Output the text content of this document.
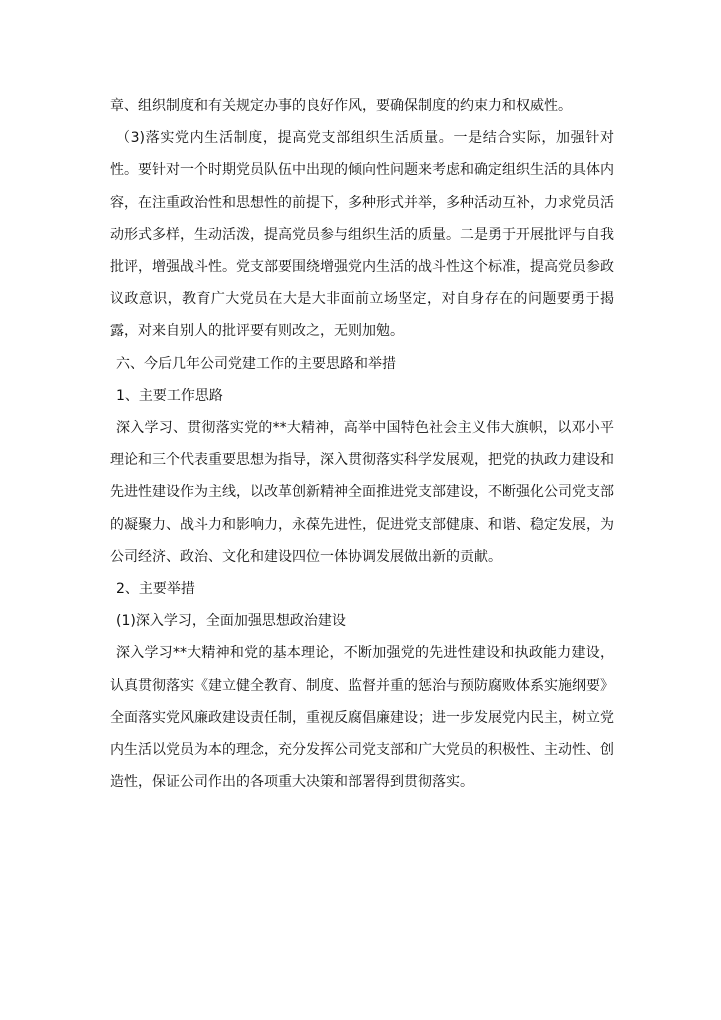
章、组织制度和有关规定办事的良好作风，要确保制度的约束力和权威性。

（3)落实党内生活制度，提高党支部组织生活质量。一是结合实际，加强针对性。要针对一个时期党员队伍中出现的倾向性问题来考虑和确定组织生活的具体内容，在注重政治性和思想性的前提下，多种形式并举，多种活动互补，力求党员活动形式多样，生动活泼，提高党员参与组织生活的质量。二是勇于开展批评与自我批评，增强战斗性。党支部要围绕增强党内生活的战斗性这个标准，提高党员参政议政意识，教育广大党员在大是大非面前立场坚定，对自身存在的问题要勇于揭露，对来自别人的批评要有则改之，无则加勉。

六、今后几年公司党建工作的主要思路和举措

1、主要工作思路

深入学习、贯彻落实党的**大精神，高举中国特色社会主义伟大旗帜，以邓小平理论和三个代表重要思想为指导，深入贯彻落实科学发展观，把党的执政力建设和先进性建设作为主线，以改革创新精神全面推进党支部建设，不断强化公司党支部的凝聚力、战斗力和影响力，永葆先进性，促进党支部健康、和谐、稳定发展，为公司经济、政治、文化和建设四位一体协调发展做出新的贡献。

2、主要举措

(1)深入学习，全面加强思想政治建设

深入学习**大精神和党的基本理论，不断加强党的先进性建设和执政能力建设，认真贯彻落实《建立健全教育、制度、监督并重的惩治与预防腐败体系实施纲要》全面落实党风廉政建设责任制，重视反腐倡廉建设；进一步发展党内民主，树立党内生活以党员为本的理念，充分发挥公司党支部和广大党员的积极性、主动性、创造性，保证公司作出的各项重大决策和部署得到贯彻落实。
